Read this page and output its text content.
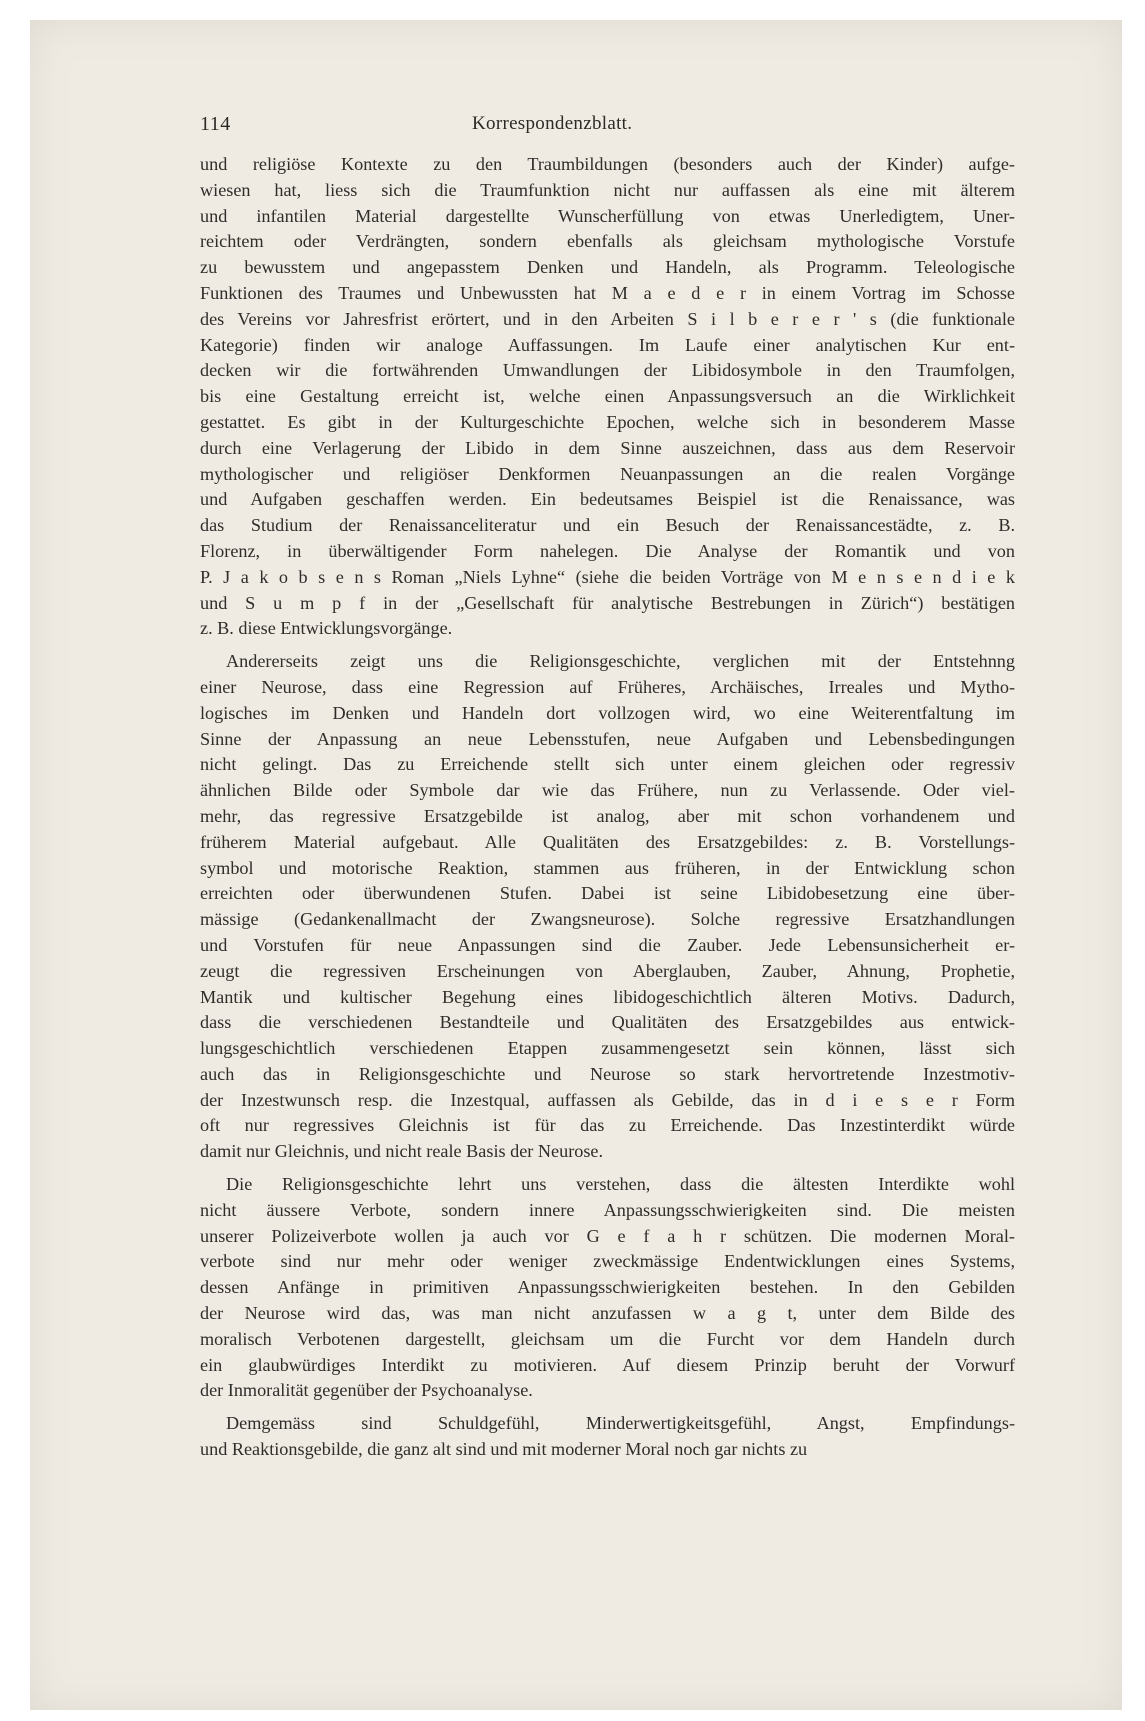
114	Korrespondenzblatt.
und religiöse Kontexte zu den Traumbildungen (besonders auch der Kinder) aufge-
wiesen hat, liess sich die Traumfunktion nicht nur auffassen als eine mit älterem
und infantilen Material dargestellte Wunscherfüllung von etwas Unerledigtem, Uner-
reichtem oder Verdrängten, sondern ebenfalls als gleichsam mythologische Vorstufe
zu bewusstem und angepasstem Denken und Handeln, als Programm. Teleologische
Funktionen des Traumes und Unbewussten hat M a e d e r in einem Vortrag im Schosse
des Vereins vor Jahresfrist erörtert, und in den Arbeiten S i l b e r e r ' s (die funktionale
Kategorie) finden wir analoge Auffassungen. Im Laufe einer analytischen Kur ent-
decken wir die fortwährenden Umwandlungen der Libidosymbole in den Traumfolgen,
bis eine Gestaltung erreicht ist, welche einen Anpassungsversuch an die Wirklichkeit
gestattet. Es gibt in der Kulturgeschichte Epochen, welche sich in besonderem Masse
durch eine Verlagerung der Libido in dem Sinne auszeichnen, dass aus dem Reservoir
mythologischer und religiöser Denkformen Neuanpassungen an die realen Vorgänge
und Aufgaben geschaffen werden. Ein bedeutsames Beispiel ist die Renaissance, was
das Studium der Renaissanceliteratur und ein Besuch der Renaissancestädte, z. B.
Florenz, in überwältigender Form nahelegen. Die Analyse der Romantik und von
P. J a k o b s e n s Roman „Niels Lyhne“ (siehe die beiden Vorträge von M e n s e n d i e k
und S u m p f in der „Gesellschaft für analytische Bestrebungen in Zürich“) bestätigen
z. B. diese Entwicklungsvorgänge.
Andererseits zeigt uns die Religionsgeschichte, verglichen mit der Entstehnng
einer Neurose, dass eine Regression auf Früheres, Archäisches, Irreales und Mytho-
logisches im Denken und Handeln dort vollzogen wird, wo eine Weiterentfaltung im
Sinne der Anpassung an neue Lebensstufen, neue Aufgaben und Lebensbedingungen
nicht gelingt. Das zu Erreichende stellt sich unter einem gleichen oder regressiv
ähnlichen Bilde oder Symbole dar wie das Frühere, nun zu Verlassende. Oder viel-
mehr, das regressive Ersatzgebilde ist analog, aber mit schon vorhandenem und
früherem Material aufgebaut. Alle Qualitäten des Ersatzgebildes: z. B. Vorstellungs-
symbol und motorische Reaktion, stammen aus früheren, in der Entwicklung schon
erreichten oder überwundenen Stufen. Dabei ist seine Libidobesetzung eine über-
mässige (Gedankenallmacht der Zwangsneurose). Solche regressive Ersatzhandlungen
und Vorstufen für neue Anpassungen sind die Zauber. Jede Lebensunsicherheit er-
zeugt die regressiven Erscheinungen von Aberglauben, Zauber, Ahnung, Prophetie,
Mantik und kultischer Begehung eines libidogeschichtlich älteren Motivs. Dadurch,
dass die verschiedenen Bestandteile und Qualitäten des Ersatzgebildes aus entwick-
lungsgeschichtlich verschiedenen Etappen zusammengesetzt sein können, lässt sich
auch das in Religionsgeschichte und Neurose so stark hervortretende Inzestmotiv-
der Inzestwunsch resp. die Inzestqual, auffassen als Gebilde, das in d i e s e r Form
oft nur regressives Gleichnis ist für das zu Erreichende. Das Inzestinterdikt würde
damit nur Gleichnis, und nicht reale Basis der Neurose.
Die Religionsgeschichte lehrt uns verstehen, dass die ältesten Interdikte wohl
nicht äussere Verbote, sondern innere Anpassungsschwierigkeiten sind. Die meisten
unserer Polizeiverbote wollen ja auch vor G e f a h r schützen. Die modernen Moral-
verbote sind nur mehr oder weniger zweckmässige Endentwicklungen eines Systems,
dessen Anfänge in primitiven Anpassungsschwierigkeiten bestehen. In den Gebilden
der Neurose wird das, was man nicht anzufassen w a g t, unter dem Bilde des
moralisch Verbotenen dargestellt, gleichsam um die Furcht vor dem Handeln durch
ein glaubwürdiges Interdikt zu motivieren. Auf diesem Prinzip beruht der Vorwurf
der Inmoralität gegenüber der Psychoanalyse.
Demgemäss sind Schuldgefühl, Minderwertigkeitsgefühl, Angst, Empfindungs-
und Reaktionsgebilde, die ganz alt sind und mit moderner Moral noch gar nichts zu
